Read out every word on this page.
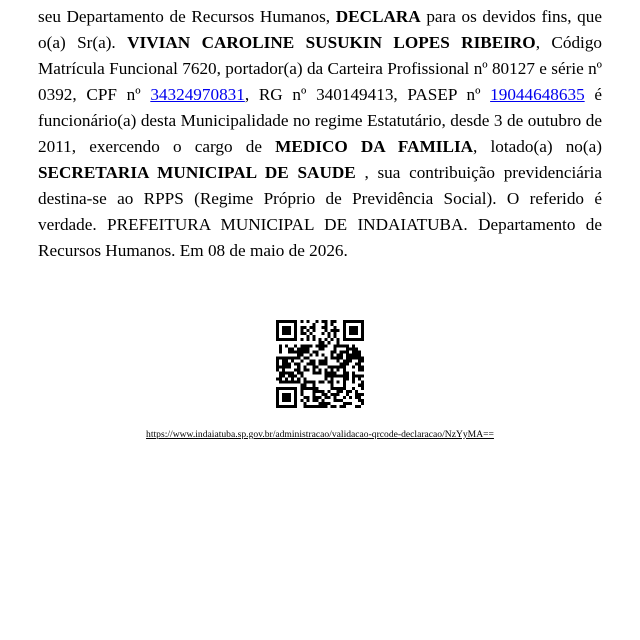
seu Departamento de Recursos Humanos, DECLARA para os devidos fins, que o(a) Sr(a). VIVIAN CAROLINE SUSUKIN LOPES RIBEIRO, Código Matrícula Funcional 7620, portador(a) da Carteira Profissional nº 80127 e série nº 0392, CPF nº 34324970831, RG nº 340149413, PASEP nº 19044648635 é funcionário(a) desta Municipalidade no regime Estatutário, desde 3 de outubro de 2011, exercendo o cargo de MEDICO DA FAMILIA, lotado(a) no(a) SECRETARIA MUNICIPAL DE SAUDE , sua contribuição previdenciária destina-se ao RPPS (Regime Próprio de Previdência Social). O referido é verdade. PREFEITURA MUNICIPAL DE INDAIATUBA. Departamento de Recursos Humanos. Em 08 de maio de 2026.

https://www.indaiatuba.sp.gov.br/administracao/validacao-qrcode-declaracao/NzYyMA==
